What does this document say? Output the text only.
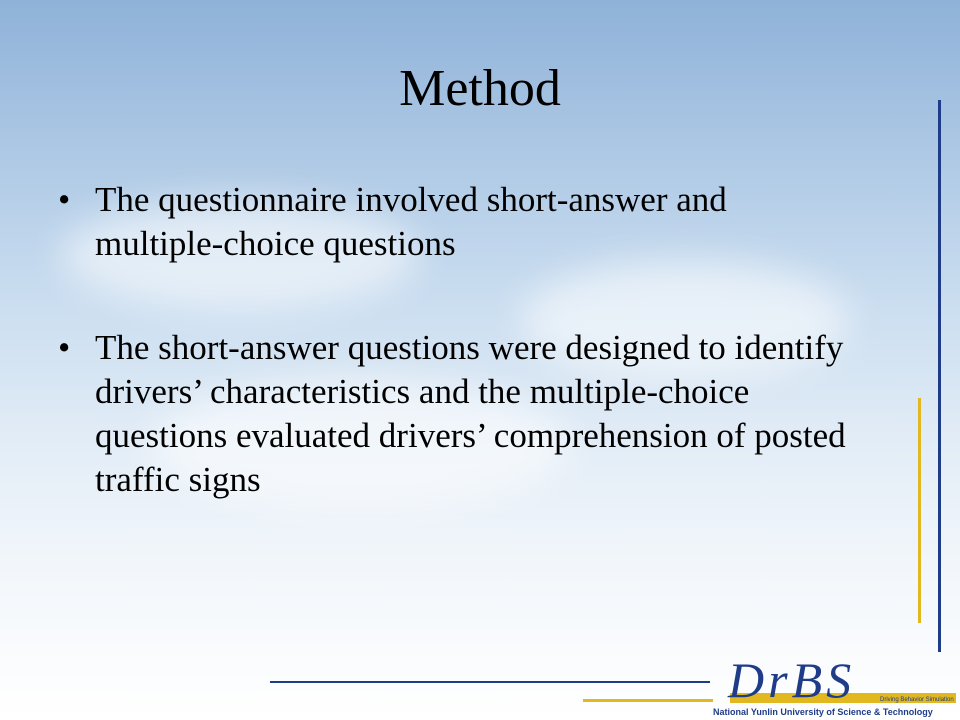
Method
• The questionnaire involved short-answer and multiple-choice questions
• The short-answer questions were designed to identify drivers’ characteristics and the multiple-choice questions evaluated drivers’ comprehension of posted traffic signs
DrBS	Driving Behavior Simulation
National Yunlin University of Science & Technology
